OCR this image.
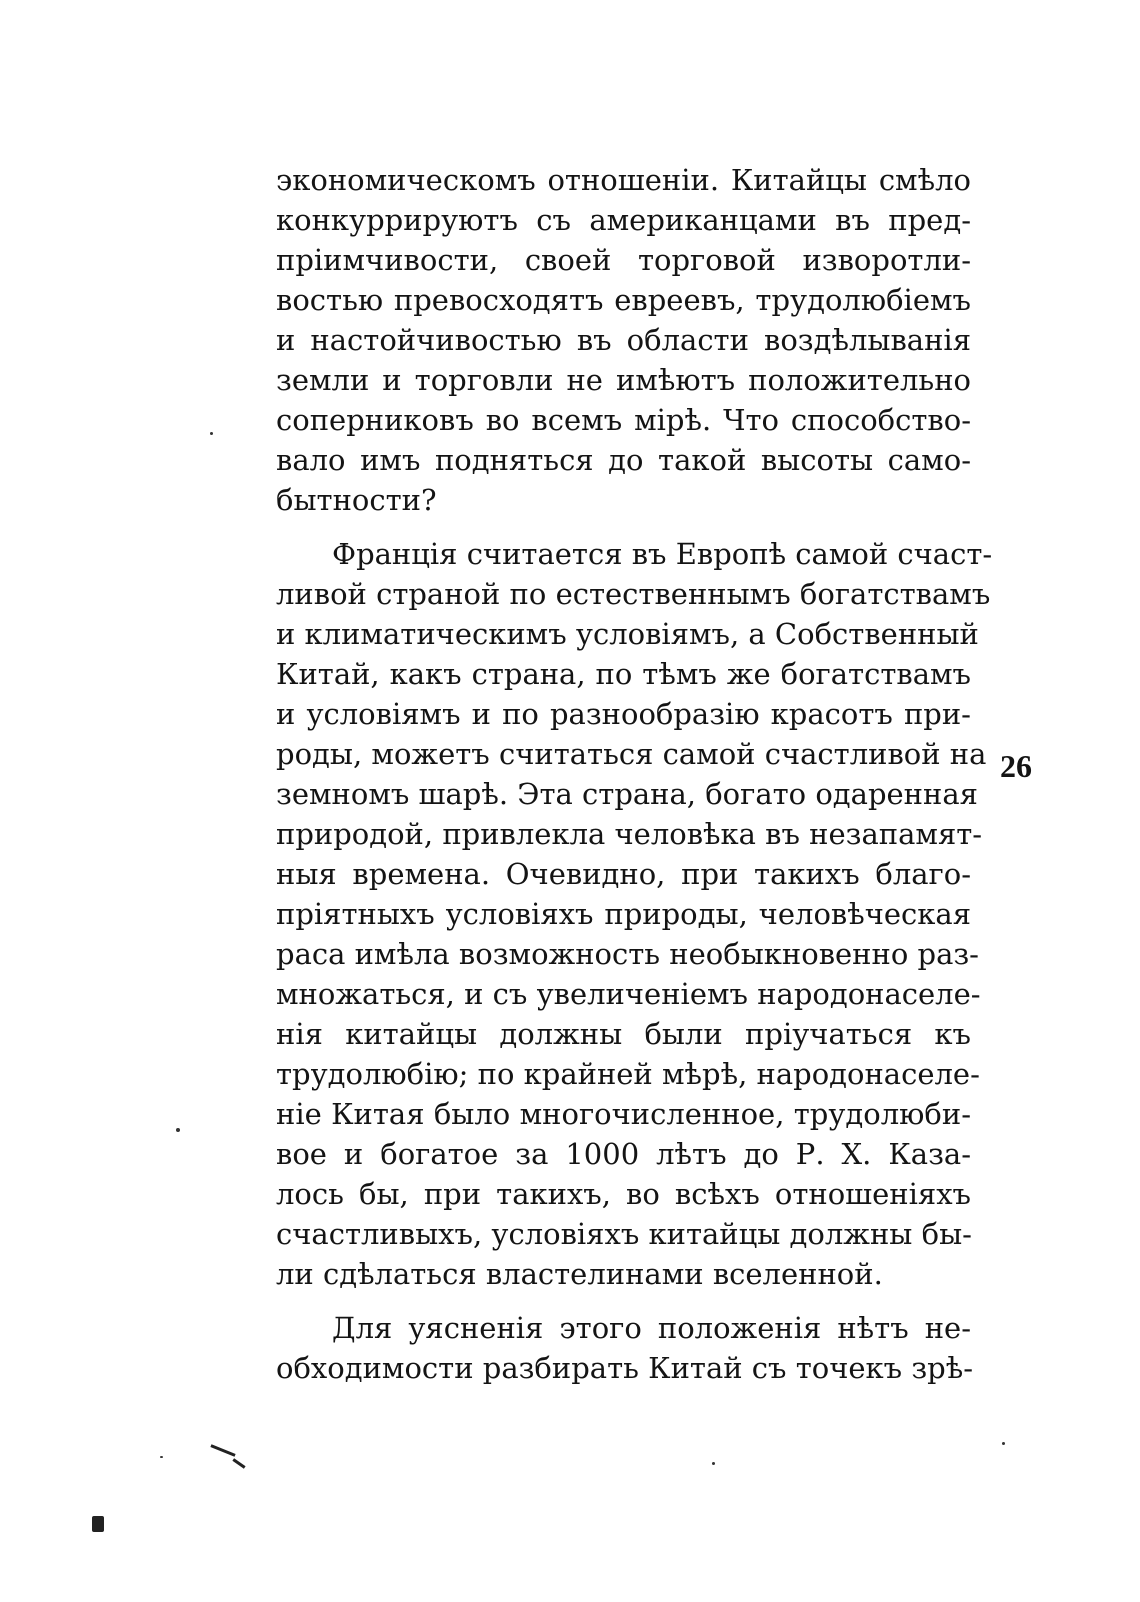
экономическомъ отношенiи. Китайцы смѣло
конкуррируютъ съ американцами въ пред-
прiимчивости, своей торговой изворотли-
востью превосходятъ евреевъ, трудолюбiемъ
и настойчивостью въ области воздѣлыванiя
земли и торговли не имѣютъ положительно
соперниковъ во всемъ мiрѣ. Что способство-
вало имъ подняться до такой высоты само-
бытности?
Францiя считается въ Европѣ самой счаст-
ливой страной по естественнымъ богатствамъ
и климатическимъ условiямъ, а Собственный
Китай, какъ страна, по тѣмъ же богатствамъ
и условiямъ и по разнообразiю красотъ при-
роды, можетъ считаться самой счастливой на
земномъ шарѣ. Эта страна, богато одаренная
природой, привлекла человѣка въ незапамят-
ныя времена. Очевидно, при такихъ благо-
прiятныхъ условiяхъ природы, человѣческая
раса имѣла возможность необыкновенно раз-
множаться, и съ увеличенiемъ народонаселе-
нiя китайцы должны были прiучаться къ
трудолюбiю; по крайней мѣрѣ, народонаселе-
нiе Китая было многочисленное, трудолюби-
вое и богатое за 1000 лѣтъ до Р. Х. Каза-
лось бы, при такихъ, во всѣхъ отношенiяхъ
счастливыхъ, условiяхъ китайцы должны бы-
ли сдѣлаться властелинами вселенной.
Для уясненiя этого положенiя нѣтъ не-
обходимости разбирать Китай съ точекъ зрѣ-
26
